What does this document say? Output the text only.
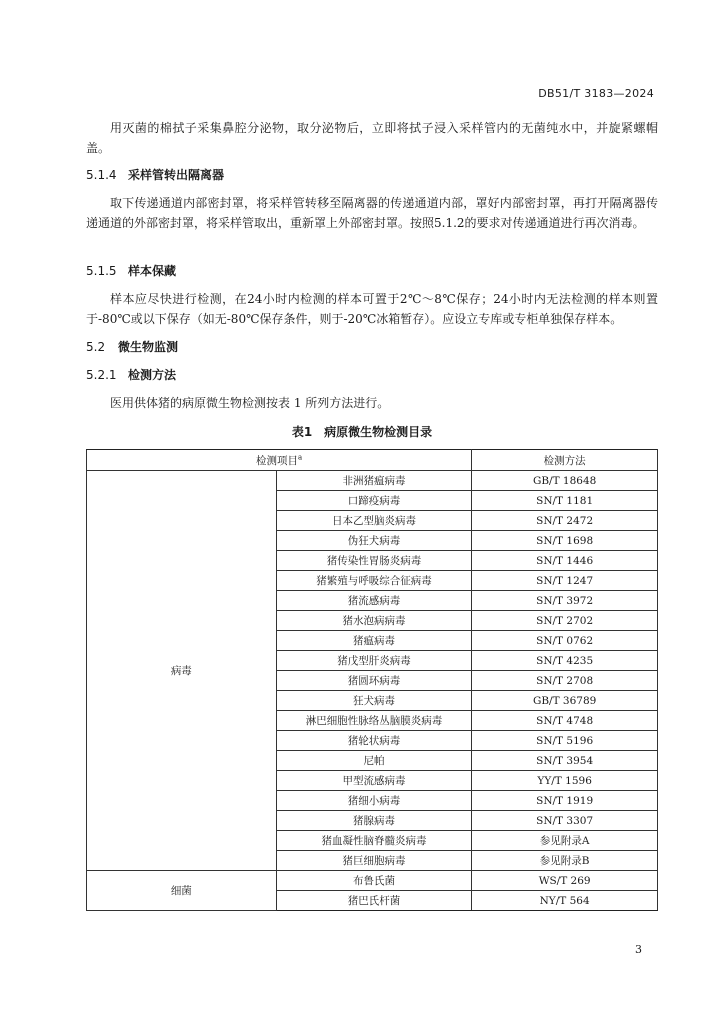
DB51/T 3183—2024
用灭菌的棉拭子采集鼻腔分泌物，取分泌物后，立即将拭子浸入采样管内的无菌纯水中，并旋紧螺帽盖。
5.1.4 采样管转出隔离器
取下传递通道内部密封罩，将采样管转移至隔离器的传递通道内部，罩好内部密封罩，再打开隔离器传递通道的外部密封罩，将采样管取出，重新罩上外部密封罩。按照5.1.2的要求对传递通道进行再次消毒。
5.1.5 样本保藏
样本应尽快进行检测，在24小时内检测的样本可置于2℃～8℃保存；24小时内无法检测的样本则置于-80℃或以下保存（如无-80℃保存条件，则于-20℃冰箱暂存）。应设立专库或专柜单独保存样本。
5.2 微生物监测
5.2.1 检测方法
医用供体猪的病原微生物检测按表 1 所列方法进行。
表1　病原微生物检测目录
检测项目$^a$		检测方法
病毒	非洲猪瘟病毒	GB/T 18648
	口蹄疫病毒	SN/T 1181
	日本乙型脑炎病毒	SN/T 2472
	伪狂犬病毒	SN/T 1698
	猪传染性胃肠炎病毒	SN/T 1446
	猪繁殖与呼吸综合征病毒	SN/T 1247
	猪流感病毒	SN/T 3972
	猪水泡病病毒	SN/T 2702
	猪瘟病毒	SN/T 0762
	猪戊型肝炎病毒	SN/T 4235
	猪圆环病毒	SN/T 2708
	狂犬病毒	GB/T 36789
	淋巴细胞性脉络丛脑膜炎病毒	SN/T 4748
	猪轮状病毒	SN/T 5196
	尼帕	SN/T 3954
	甲型流感病毒	YY/T 1596
	猪细小病毒	SN/T 1919
	猪腺病毒	SN/T 3307
	猪血凝性脑脊髓炎病毒	参见附录A
	猪巨细胞病毒	参见附录B
细菌	布鲁氏菌	WS/T 269
	猪巴氏杆菌	NY/T 564
3
